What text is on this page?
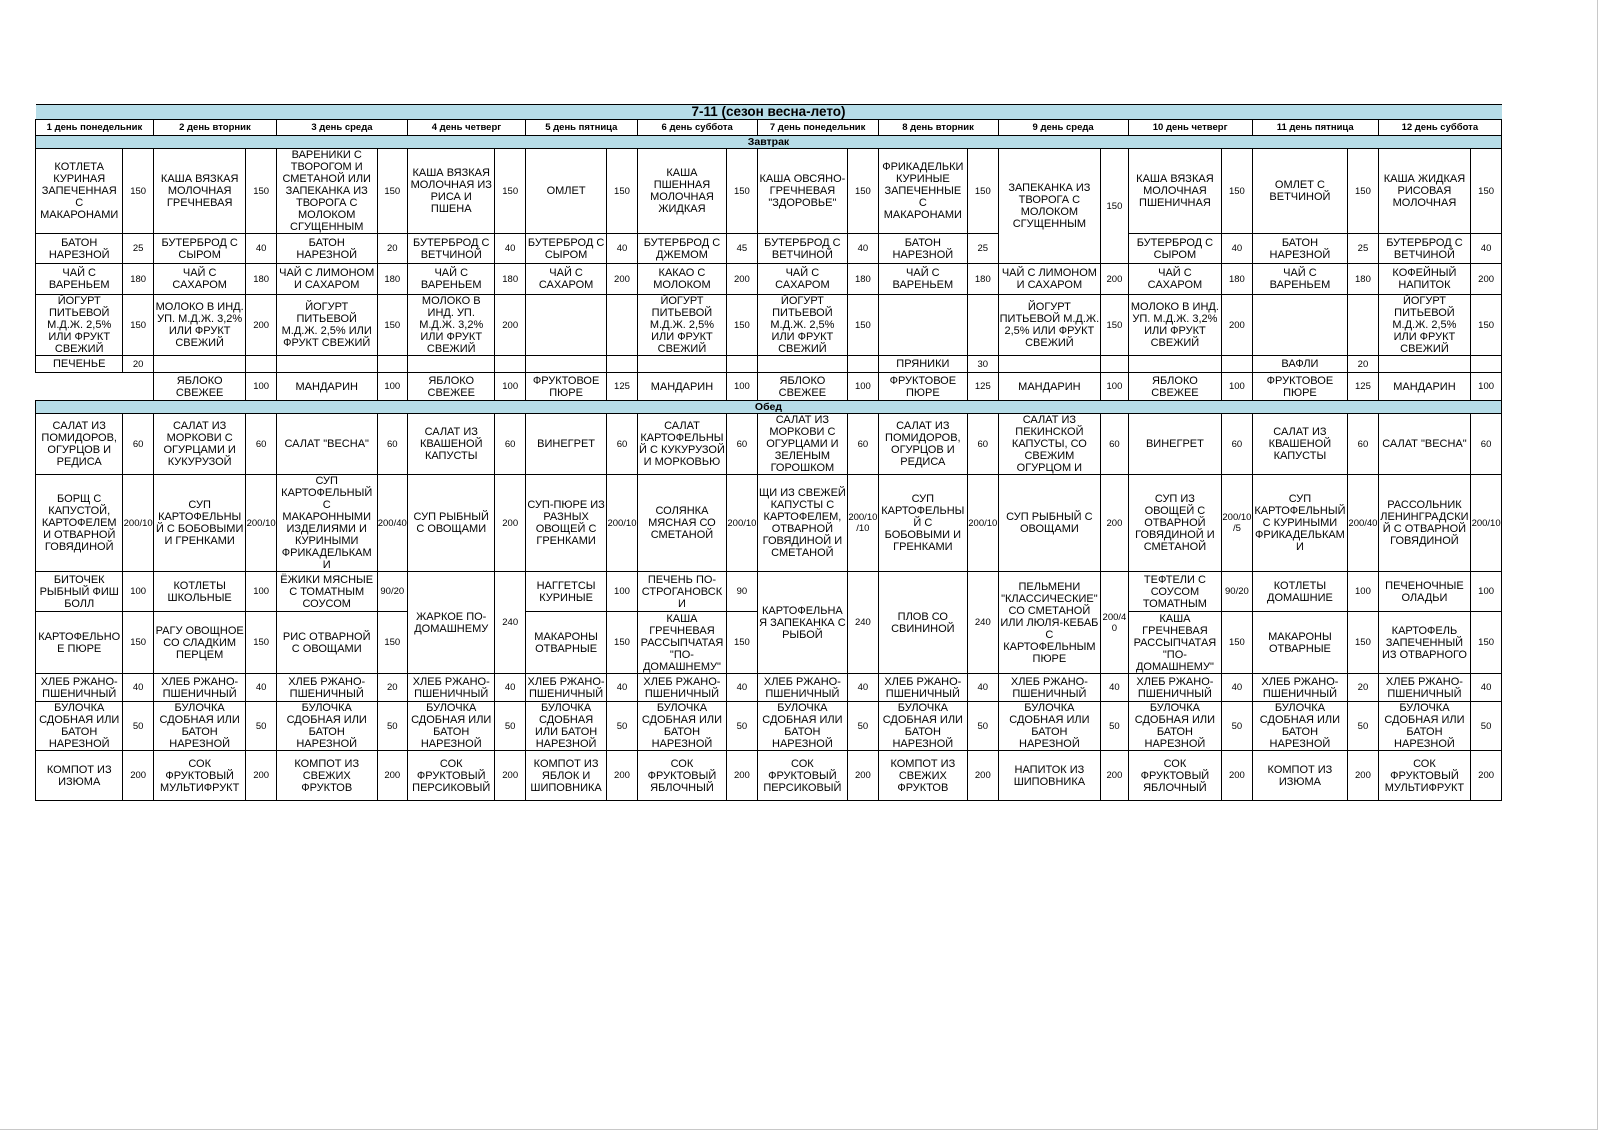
7-11 (сезон весна-лето)																							
1 день понедельник		2 день вторник		3 день среда		4 день четверг		5 день пятница		6 день суббота		7 день понедельник		8 день вторник		9 день среда		10 день четверг		11 день пятница		12 день суббота	
Завтрак																							
КОТЛЕТА КУРИНАЯ ЗАПЕЧЕННАЯ С МАКАРОНАМИ	150	КАША ВЯЗКАЯ МОЛОЧНАЯ ГРЕЧНЕВАЯ	150	ВАРЕНИКИ С ТВОРОГОМ И СМЕТАНОЙ ИЛИ ЗАПЕКАНКА ИЗ ТВОРОГА С МОЛОКОМ СГУЩЕННЫМ	150	КАША ВЯЗКАЯ МОЛОЧНАЯ ИЗ РИСА И ПШЕНА	150	ОМЛЕТ	150	КАША ПШЕННАЯ МОЛОЧНАЯ ЖИДКАЯ	150	КАША ОВСЯНО-ГРЕЧНЕВАЯ "ЗДОРОВЬЕ"	150	ФРИКАДЕЛЬКИ КУРИНЫЕ ЗАПЕЧЕННЫЕ С МАКАРОНАМИ	150	ЗАПЕКАНКА ИЗ ТВОРОГА С МОЛОКОМ СГУЩЕННЫМ	150	КАША ВЯЗКАЯ МОЛОЧНАЯ ПШЕНИЧНАЯ	150	ОМЛЕТ С ВЕТЧИНОЙ	150	КАША ЖИДКАЯ РИСОВАЯ МОЛОЧНАЯ	150
БАТОН НАРЕЗНОЙ	25	БУТЕРБРОД С СЫРОМ	40	БАТОН НАРЕЗНОЙ	20	БУТЕРБРОД С ВЕТЧИНОЙ	40	БУТЕРБРОД С СЫРОМ	40	БУТЕРБРОД С ДЖЕМОМ	45	БУТЕРБРОД С ВЕТЧИНОЙ	40	БАТОН НАРЕЗНОЙ	25			БУТЕРБРОД С СЫРОМ	40	БАТОН НАРЕЗНОЙ	25	БУТЕРБРОД С ВЕТЧИНОЙ	40
ЧАЙ С ВАРЕНЬЕМ	180	ЧАЙ С САХАРОМ	180	ЧАЙ С ЛИМОНОМ И САХАРОМ	180	ЧАЙ С ВАРЕНЬЕМ	180	ЧАЙ С САХАРОМ	200	КАКАО С МОЛОКОМ	200	ЧАЙ С САХАРОМ	180	ЧАЙ С ВАРЕНЬЕМ	180	ЧАЙ С ЛИМОНОМ И САХАРОМ	200	ЧАЙ С САХАРОМ	180	ЧАЙ С ВАРЕНЬЕМ	180	КОФЕЙНЫЙ НАПИТОК	200
ЙОГУРТ ПИТЬЕВОЙ М.Д.Ж. 2,5% ИЛИ ФРУКТ СВЕЖИЙ	150	МОЛОКО В ИНД. УП. М.Д.Ж. 3,2% ИЛИ ФРУКТ СВЕЖИЙ	200	ЙОГУРТ ПИТЬЕВОЙ М.Д.Ж. 2,5% ИЛИ ФРУКТ СВЕЖИЙ	150	МОЛОКО В ИНД. УП. М.Д.Ж. 3,2% ИЛИ ФРУКТ СВЕЖИЙ	200			ЙОГУРТ ПИТЬЕВОЙ М.Д.Ж. 2,5% ИЛИ ФРУКТ СВЕЖИЙ	150	ЙОГУРТ ПИТЬЕВОЙ М.Д.Ж. 2,5% ИЛИ ФРУКТ СВЕЖИЙ	150			ЙОГУРТ ПИТЬЕВОЙ М.Д.Ж. 2,5% ИЛИ ФРУКТ СВЕЖИЙ	150	МОЛОКО В ИНД. УП. М.Д.Ж. 3,2% ИЛИ ФРУКТ СВЕЖИЙ	200			ЙОГУРТ ПИТЬЕВОЙ М.Д.Ж. 2,5% ИЛИ ФРУКТ СВЕЖИЙ	150
ПЕЧЕНЬЕ	20													ПРЯНИКИ	30					ВАФЛИ	20		
		ЯБЛОКО СВЕЖЕЕ	100	МАНДАРИН	100	ЯБЛОКО СВЕЖЕЕ	100	ФРУКТОВОЕ ПЮРЕ	125	МАНДАРИН	100	ЯБЛОКО СВЕЖЕЕ	100	ФРУКТОВОЕ ПЮРЕ	125	МАНДАРИН	100	ЯБЛОКО СВЕЖЕЕ	100	ФРУКТОВОЕ ПЮРЕ	125	МАНДАРИН	100
Обед																							
САЛАТ ИЗ ПОМИДОРОВ, ОГУРЦОВ И РЕДИСА	60	САЛАТ ИЗ МОРКОВИ С ОГУРЦАМИ И КУКУРУЗОЙ	60	САЛАТ "ВЕСНА"	60	САЛАТ ИЗ КВАШЕНОЙ КАПУСТЫ	60	ВИНЕГРЕТ	60	САЛАТ КАРТОФЕЛЬНЫЙ С КУКУРУЗОЙ И МОРКОВЬЮ	60	САЛАТ ИЗ МОРКОВИ С ОГУРЦАМИ И ЗЕЛЕНЫМ ГОРОШКОМ	60	САЛАТ ИЗ ПОМИДОРОВ, ОГУРЦОВ И РЕДИСА	60	САЛАТ ИЗ ПЕКИНСКОЙ КАПУСТЫ, СО СВЕЖИМ ОГУРЦОМ И	60	ВИНЕГРЕТ	60	САЛАТ ИЗ КВАШЕНОЙ КАПУСТЫ	60	САЛАТ "ВЕСНА"	60
БОРЩ С КАПУСТОЙ, КАРТОФЕЛЕМ И ОТВАРНОЙ ГОВЯДИНОЙ	200/10	СУП КАРТОФЕЛЬНЫЙ С БОБОВЫМИ И ГРЕНКАМИ	200/10	СУП КАРТОФЕЛЬНЫЙ С МАКАРОННЫМИ ИЗДЕЛИЯМИ И КУРИНЫМИ ФРИКАДЕЛЬКАМИ	200/40	СУП РЫБНЫЙ С ОВОЩАМИ	200	СУП-ПЮРЕ ИЗ РАЗНЫХ ОВОЩЕЙ С ГРЕНКАМИ	200/10	СОЛЯНКА МЯСНАЯ СО СМЕТАНОЙ	200/10	ЩИ ИЗ СВЕЖЕЙ КАПУСТЫ С КАРТОФЕЛЕМ, ОТВАРНОЙ ГОВЯДИНОЙ И СМЕТАНОЙ	200/10/10	СУП КАРТОФЕЛЬНЫЙ С БОБОВЫМИ И ГРЕНКАМИ	200/10	СУП РЫБНЫЙ С ОВОЩАМИ	200	СУП ИЗ ОВОЩЕЙ С ОТВАРНОЙ ГОВЯДИНОЙ И СМЕТАНОЙ	200/10/5	СУП КАРТОФЕЛЬНЫЙ С КУРИНЫМИ ФРИКАДЕЛЬКАМИ	200/40	РАССОЛЬНИК ЛЕНИНГРАДСКИЙ С ОТВАРНОЙ ГОВЯДИНОЙ	200/10
БИТОЧЕК РЫБНЫЙ ФИШ БОЛЛ	100	КОТЛЕТЫ ШКОЛЬНЫЕ	100	ЁЖИКИ МЯСНЫЕ С ТОМАТНЫМ СОУСОМ	90/20	ЖАРКОЕ ПО-ДОМАШНЕМУ	240	НАГГЕТСЫ КУРИНЫЕ	100	ПЕЧЕНЬ ПО-СТРОГАНОВСКИ	90	КАРТОФЕЛЬНАЯ ЗАПЕКАНКА С РЫБОЙ	240	ПЛОВ СО СВИНИНОЙ	240	ПЕЛЬМЕНИ "КЛАССИЧЕСКИЕ" СО СМЕТАНОЙ ИЛИ ЛЮЛЯ-КЕБАБ С КАРТОФЕЛЬНЫМ ПЮРЕ	200/40	ТЕФТЕЛИ С СОУСОМ ТОМАТНЫМ	90/20	КОТЛЕТЫ ДОМАШНИЕ	100	ПЕЧЕНОЧНЫЕ ОЛАДЬИ	100
КАРТОФЕЛЬНОЕ ПЮРЕ	150	РАГУ ОВОЩНОЕ СО СЛАДКИМ ПЕРЦЕМ	150	РИС ОТВАРНОЙ С ОВОЩАМИ	150			МАКАРОНЫ ОТВАРНЫЕ	150	КАША ГРЕЧНЕВАЯ РАССЫПЧАТАЯ "ПО-ДОМАШНЕМУ"	150							КАША ГРЕЧНЕВАЯ РАССЫПЧАТАЯ "ПО-ДОМАШНЕМУ"	150	МАКАРОНЫ ОТВАРНЫЕ	150	КАРТОФЕЛЬ ЗАПЕЧЕННЫЙ ИЗ ОТВАРНОГО	150
ХЛЕБ РЖАНО-ПШЕНИЧНЫЙ	40	ХЛЕБ РЖАНО-ПШЕНИЧНЫЙ	40	ХЛЕБ РЖАНО-ПШЕНИЧНЫЙ	20	ХЛЕБ РЖАНО-ПШЕНИЧНЫЙ	40	ХЛЕБ РЖАНО-ПШЕНИЧНЫЙ	40	ХЛЕБ РЖАНО-ПШЕНИЧНЫЙ	40	ХЛЕБ РЖАНО-ПШЕНИЧНЫЙ	40	ХЛЕБ РЖАНО-ПШЕНИЧНЫЙ	40	ХЛЕБ РЖАНО-ПШЕНИЧНЫЙ	40	ХЛЕБ РЖАНО-ПШЕНИЧНЫЙ	40	ХЛЕБ РЖАНО-ПШЕНИЧНЫЙ	20	ХЛЕБ РЖАНО-ПШЕНИЧНЫЙ	40
БУЛОЧКА СДОБНАЯ ИЛИ БАТОН НАРЕЗНОЙ	50	БУЛОЧКА СДОБНАЯ ИЛИ БАТОН НАРЕЗНОЙ	50	БУЛОЧКА СДОБНАЯ ИЛИ БАТОН НАРЕЗНОЙ	50	БУЛОЧКА СДОБНАЯ ИЛИ БАТОН НАРЕЗНОЙ	50	БУЛОЧКА СДОБНАЯ ИЛИ БАТОН НАРЕЗНОЙ	50	БУЛОЧКА СДОБНАЯ ИЛИ БАТОН НАРЕЗНОЙ	50	БУЛОЧКА СДОБНАЯ ИЛИ БАТОН НАРЕЗНОЙ	50	БУЛОЧКА СДОБНАЯ ИЛИ БАТОН НАРЕЗНОЙ	50	БУЛОЧКА СДОБНАЯ ИЛИ БАТОН НАРЕЗНОЙ	50	БУЛОЧКА СДОБНАЯ ИЛИ БАТОН НАРЕЗНОЙ	50	БУЛОЧКА СДОБНАЯ ИЛИ БАТОН НАРЕЗНОЙ	50	БУЛОЧКА СДОБНАЯ ИЛИ БАТОН НАРЕЗНОЙ	50
КОМПОТ ИЗ ИЗЮМА	200	СОК ФРУКТОВЫЙ МУЛЬТИФРУКТ	200	КОМПОТ ИЗ СВЕЖИХ ФРУКТОВ	200	СОК ФРУКТОВЫЙ ПЕРСИКОВЫЙ	200	КОМПОТ ИЗ ЯБЛОК И ШИПОВНИКА	200	СОК ФРУКТОВЫЙ ЯБЛОЧНЫЙ	200	СОК ФРУКТОВЫЙ ПЕРСИКОВЫЙ	200	КОМПОТ ИЗ СВЕЖИХ ФРУКТОВ	200	НАПИТОК ИЗ ШИПОВНИКА	200	СОК ФРУКТОВЫЙ ЯБЛОЧНЫЙ	200	КОМПОТ ИЗ ИЗЮМА	200	СОК ФРУКТОВЫЙ МУЛЬТИФРУКТ	200
